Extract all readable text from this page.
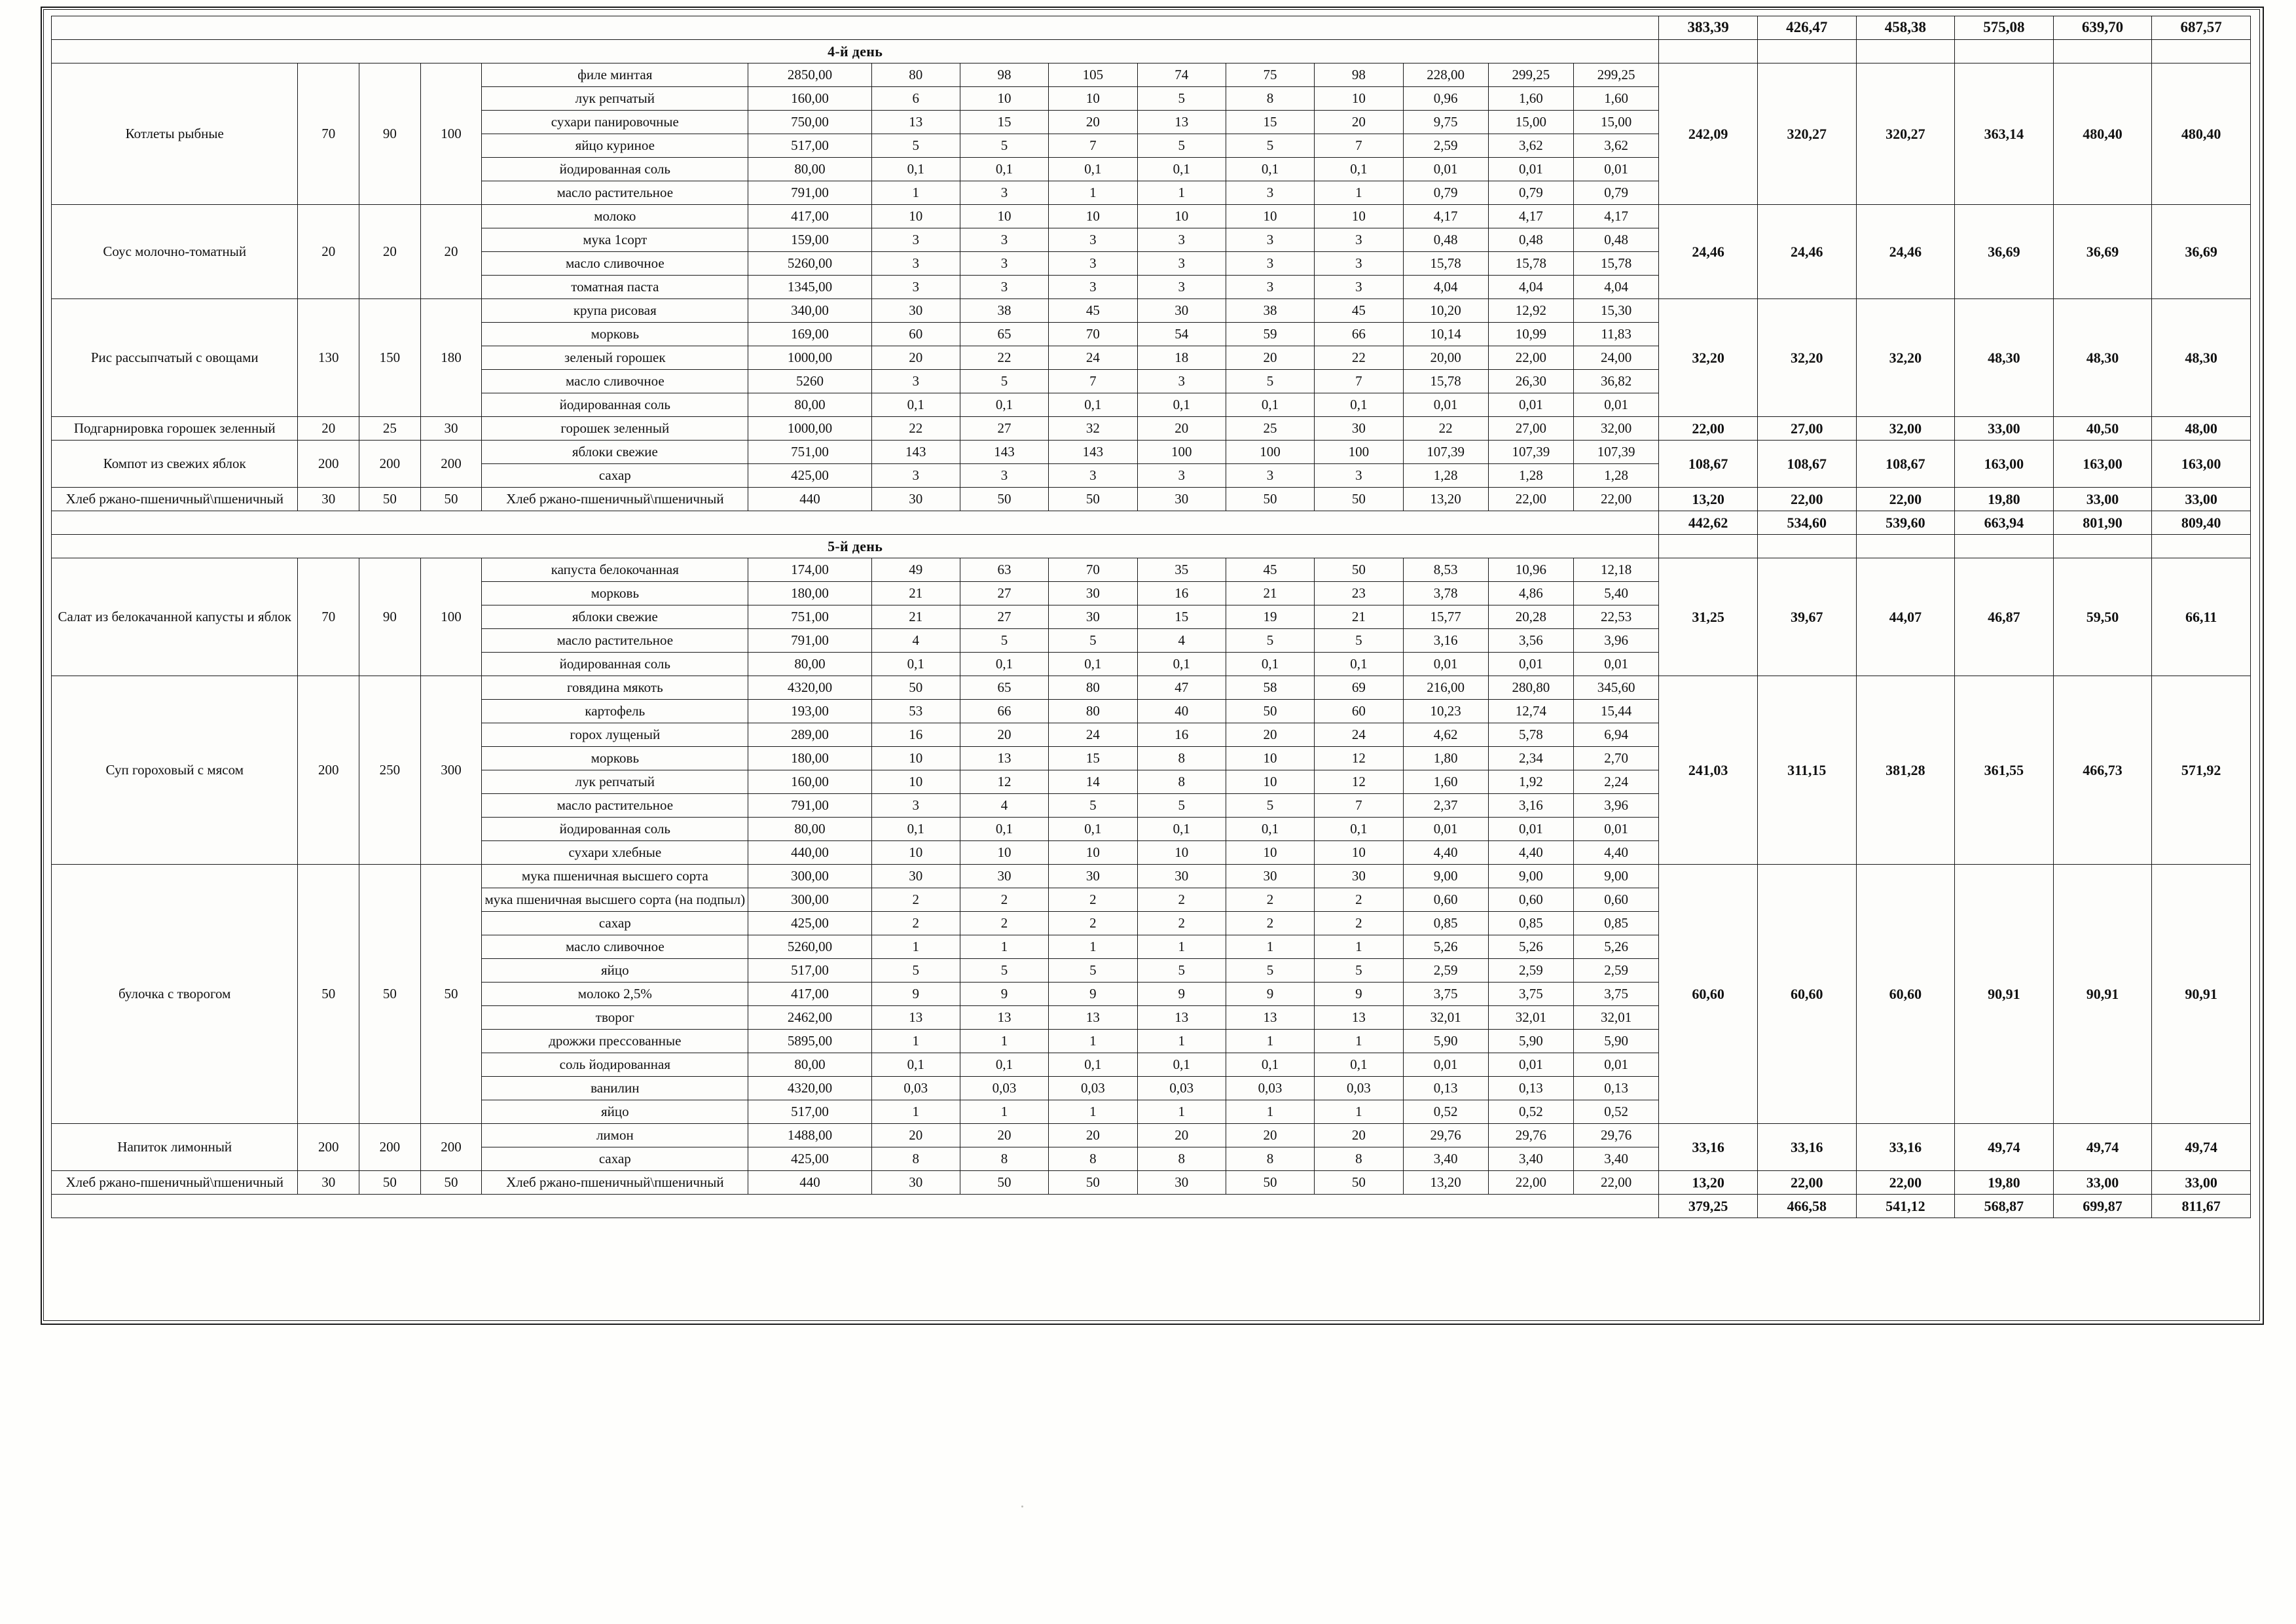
															383,39	426,47	458,38	575,08	639,70	687,57
4-й день																				
Котлеты рыбные	70	90	100	филе минтая	2850,00	80	98	105	74	75	98	228,00	299,25	299,25	242,09	320,27	320,27	363,14	480,40	480,40
				лук репчатый	160,00	6	10	10	5	8	10	0,96	1,60	1,60						
				сухари панировочные	750,00	13	15	20	13	15	20	9,75	15,00	15,00						
				яйцо куриное	517,00	5	5	7	5	5	7	2,59	3,62	3,62						
				йодированная соль	80,00	0,1	0,1	0,1	0,1	0,1	0,1	0,01	0,01	0,01						
				масло растительное	791,00	1	3	1	1	3	1	0,79	0,79	0,79						
Соус молочно-томатный	20	20	20	молоко	417,00	10	10	10	10	10	10	4,17	4,17	4,17	24,46	24,46	24,46	36,69	36,69	36,69
				мука 1сорт	159,00	3	3	3	3	3	3	0,48	0,48	0,48						
				масло сливочное	5260,00	3	3	3	3	3	3	15,78	15,78	15,78						
				томатная паста	1345,00	3	3	3	3	3	3	4,04	4,04	4,04						
Рис рассыпчатый с овощами	130	150	180	крупа рисовая	340,00	30	38	45	30	38	45	10,20	12,92	15,30	32,20	32,20	32,20	48,30	48,30	48,30
				морковь	169,00	60	65	70	54	59	66	10,14	10,99	11,83						
				зеленый горошек	1000,00	20	22	24	18	20	22	20,00	22,00	24,00						
				масло сливочное	5260	3	5	7	3	5	7	15,78	26,30	36,82						
				йодированная соль	80,00	0,1	0,1	0,1	0,1	0,1	0,1	0,01	0,01	0,01						
Подгарнировка горошек зеленный	20	25	30	горошек зеленный	1000,00	22	27	32	20	25	30	22	27,00	32,00	22,00	27,00	32,00	33,00	40,50	48,00
Компот из свежих яблок	200	200	200	яблоки свежие	751,00	143	143	143	100	100	100	107,39	107,39	107,39	108,67	108,67	108,67	163,00	163,00	163,00
				сахар	425,00	3	3	3	3	3	3	1,28	1,28	1,28						
Хлеб ржано-пшеничный\пшеничный	30	50	50	Хлеб ржано-пшеничный\пшеничный	440	30	50	50	30	50	50	13,20	22,00	22,00	13,20	22,00	22,00	19,80	33,00	33,00
															442,62	534,60	539,60	663,94	801,90	809,40
5-й день																				
Салат из белокачанной капусты и яблок	70	90	100	капуста белокочанная	174,00	49	63	70	35	45	50	8,53	10,96	12,18	31,25	39,67	44,07	46,87	59,50	66,11
				морковь	180,00	21	27	30	16	21	23	3,78	4,86	5,40						
				яблоки свежие	751,00	21	27	30	15	19	21	15,77	20,28	22,53						
				масло растительное	791,00	4	5	5	4	5	5	3,16	3,56	3,96						
				йодированная соль	80,00	0,1	0,1	0,1	0,1	0,1	0,1	0,01	0,01	0,01						
Суп гороховый с мясом	200	250	300	говядина мякоть	4320,00	50	65	80	47	58	69	216,00	280,80	345,60	241,03	311,15	381,28	361,55	466,73	571,92
				картофель	193,00	53	66	80	40	50	60	10,23	12,74	15,44						
				горох лущеный	289,00	16	20	24	16	20	24	4,62	5,78	6,94						
				морковь	180,00	10	13	15	8	10	12	1,80	2,34	2,70						
				лук репчатый	160,00	10	12	14	8	10	12	1,60	1,92	2,24						
				масло растительное	791,00	3	4	5	5	5	7	2,37	3,16	3,96						
				йодированная соль	80,00	0,1	0,1	0,1	0,1	0,1	0,1	0,01	0,01	0,01						
				сухари хлебные	440,00	10	10	10	10	10	10	4,40	4,40	4,40						
булочка с творогом	50	50	50	мука пшеничная высшего сорта	300,00	30	30	30	30	30	30	9,00	9,00	9,00	60,60	60,60	60,60	90,91	90,91	90,91
				мука пшеничная высшего сорта (на подпыл)	300,00	2	2	2	2	2	2	0,60	0,60	0,60						
				сахар	425,00	2	2	2	2	2	2	0,85	0,85	0,85						
				масло сливочное	5260,00	1	1	1	1	1	1	5,26	5,26	5,26						
				яйцо	517,00	5	5	5	5	5	5	2,59	2,59	2,59						
				молоко 2,5%	417,00	9	9	9	9	9	9	3,75	3,75	3,75						
				творог	2462,00	13	13	13	13	13	13	32,01	32,01	32,01						
				дрожжи прессованные	5895,00	1	1	1	1	1	1	5,90	5,90	5,90						
				соль йодированная	80,00	0,1	0,1	0,1	0,1	0,1	0,1	0,01	0,01	0,01						
				ванилин	4320,00	0,03	0,03	0,03	0,03	0,03	0,03	0,13	0,13	0,13						
				яйцо	517,00	1	1	1	1	1	1	0,52	0,52	0,52						
Напиток лимонный	200	200	200	лимон	1488,00	20	20	20	20	20	20	29,76	29,76	29,76	33,16	33,16	33,16	49,74	49,74	49,74
				сахар	425,00	8	8	8	8	8	8	3,40	3,40	3,40						
Хлеб ржано-пшеничный\пшеничный	30	50	50	Хлеб ржано-пшеничный\пшеничный	440	30	50	50	30	50	50	13,20	22,00	22,00	13,20	22,00	22,00	19,80	33,00	33,00
															379,25	466,58	541,12	568,87	699,87	811,67
